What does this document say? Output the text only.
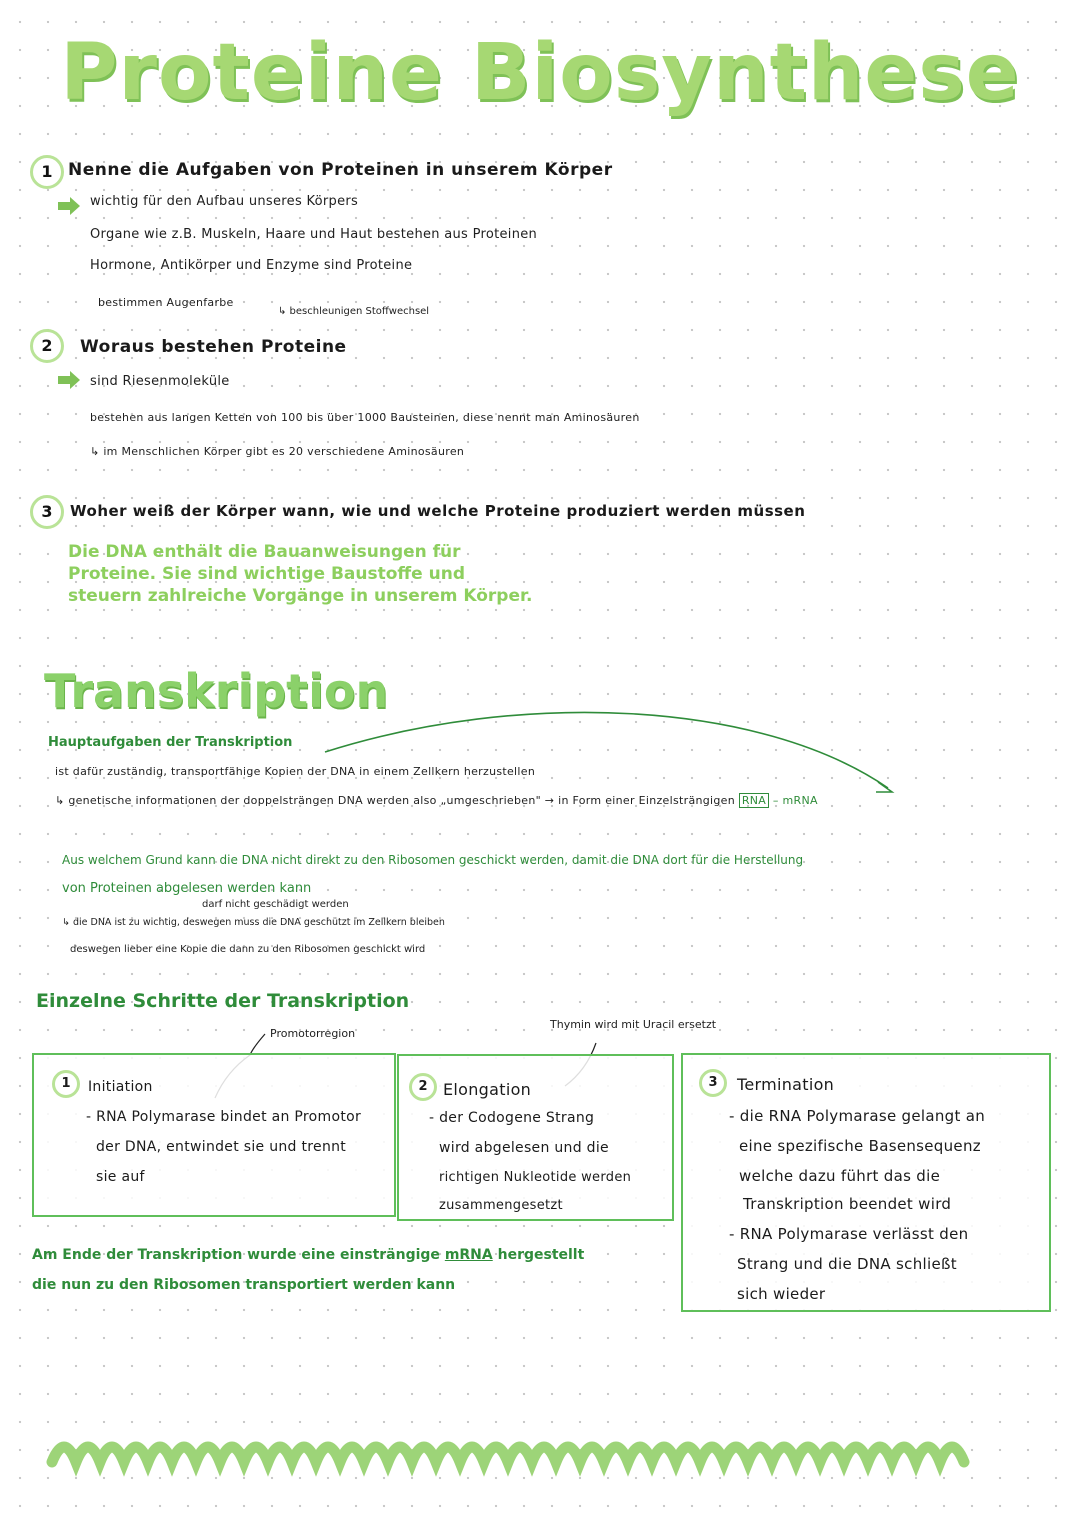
Proteine Biosynthese
1 Nenne die Aufgaben von Proteinen in unserem Körper
wichtig für den Aufbau unseres Körpers
Organe wie z.B. Muskeln, Haare und Haut bestehen aus Proteinen
Hormone, Antikörper und Enzyme sind Proteine
bestimmen Augenfarbe
↳ beschleunigen Stoffwechsel
2	Woraus bestehen Proteine
sind Riesenmoleküle
bestehen aus langen Ketten von 100 bis über 1000 Bausteinen, diese nennt man Aminosäuren
↳ im Menschlichen Körper gibt es 20 verschiedene Aminosäuren
3	Woher weiß der Körper wann, wie und welche Proteine produziert werden müssen
Die DNA enthält die Bauanweisungen für Proteine. Sie sind wichtige Baustoffe und steuern zahlreiche Vorgänge in unserem Körper.
Transkription
Hauptaufgaben der Transkription
ist dafür zuständig, transportfähige Kopien der DNA in einem Zellkern herzustellen
↳ genetische informationen der doppelsträngen DNA werden also „umgeschrieben" → in Form einer Einzelsträngigen RNA – mRNA
Aus welchem Grund kann die DNA nicht direkt zu den Ribosomen geschickt werden, damit die DNA dort für die Herstellung
von Proteinen abgelesen werden kann
darf nicht geschädigt werden
↳ die DNA ist zu wichtig, deswegen muss die DNA geschützt im Zellkern bleiben
deswegen lieber eine Kopie die dann zu den Ribosomen geschickt wird
Einzelne Schritte der Transkription
Promotorregion
Thymin wird mit Uracil ersetzt
1	Initiation
- RNA Polymarase bindet an Promotor
der DNA, entwindet sie und trennt
sie auf
2 Elongation
- der Codogene Strang
wird abgelesen und die
richtigen Nukleotide werden
zusammengesetzt
3	Termination
- die RNA Polymarase gelangt an
eine spezifische Basensequenz
welche dazu führt das die
Transkription beendet wird
- RNA Polymarase verlässt den
Strang und die DNA schließt
sich wieder
Am Ende der Transkription wurde eine einsträngige mRNA hergestellt
die nun zu den Ribosomen transportiert werden kann
